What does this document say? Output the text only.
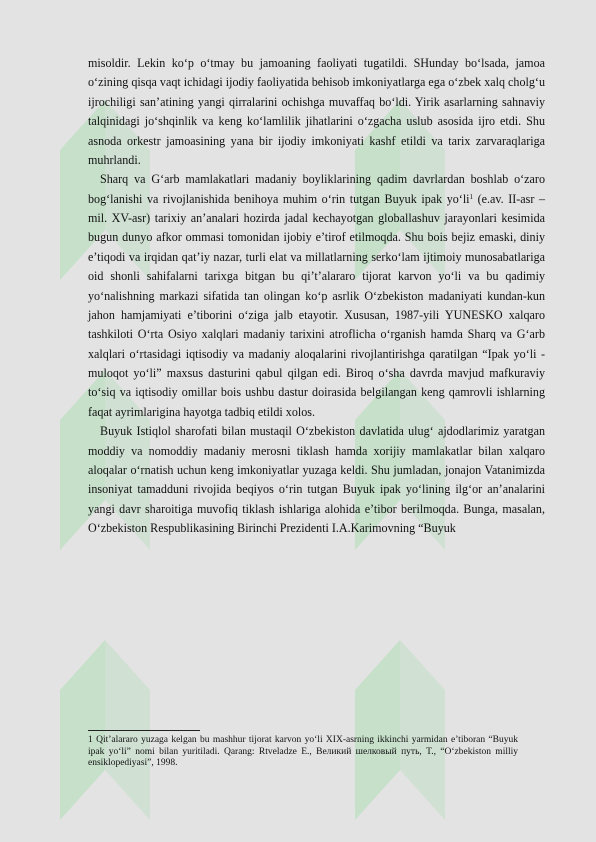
misoldir. Lekin ko‘p o‘tmay bu jamoaning faoliyati tugatildi. SHunday bo‘lsada, jamoa o‘zining qisqa vaqt ichidagi ijodiy faoliyatida behisob imkoniyatlarga ega o‘zbek xalq cholg‘u ijrochiligi san’atining yangi qirralarini ochishga muvaffaq bo‘ldi. Yirik asarlarning sahnaviy talqinidagi jo‘shqinlik va keng ko‘lamlilik jihatlarini o‘zgacha uslub asosida ijro etdi. Shu asnoda orkestr jamoasining yana bir ijodiy imkoniyati kashf etildi va tarix zarvaraqlariga muhrlandi.

Sharq va G‘arb mamlakatlari madaniy boyliklarining qadim davrlardan boshlab o‘zaro bog‘lanishi va rivojlanishida benihoya muhim o‘rin tutgan Buyuk ipak $yo‘li^1$ (e.av. II-asr – mil. XV-asr) tarixiy an’analari hozirda jadal kechayotgan globallashuv jarayonlari kesimida bugun dunyo afkor ommasi tomonidan ijobiy e’tirof etilmoqda. Shu bois bejiz emaski, diniy e’tiqodi va irqidan qat’iy nazar, turli elat va millatlarning serko‘lam ijtimoiy munosabatlariga oid shonli sahifalarni tarixga bitgan bu qi’t’alararo tijorat karvon yo‘li va bu qadimiy yo‘nalishning markazi sifatida tan olingan ko‘p asrlik O‘zbekiston madaniyati kundan-kun jahon hamjamiyati e’tiborini o‘ziga jalb etayotir. Xususan, 1987-yili YUNESKO xalqaro tashkiloti O‘rta Osiyo xalqlari madaniy tarixini atroflicha o‘rganish hamda Sharq va G‘arb xalqlari o‘rtasidagi iqtisodiy va madaniy aloqalarini rivojlantirishga qaratilgan “Ipak yo‘li - muloqot yo‘li” maxsus dasturini qabul qilgan edi. Biroq o‘sha davrda mavjud mafkuraviy to‘siq va iqtisodiy omillar bois ushbu dastur doirasida belgilangan keng qamrovli ishlarning faqat ayrimlarigina hayotga tadbiq etildi xolos.

Buyuk Istiqlol sharofati bilan mustaqil O‘zbekiston davlatida ulug‘ ajdodlarimiz yaratgan moddiy va nomoddiy madaniy merosni tiklash hamda xorijiy mamlakatlar bilan xalqaro aloqalar o‘rnatish uchun keng imkoniyatlar yuzaga keldi. Shu jumladan, jonajon Vatanimizda insoniyat tamadduni rivojida beqiyos o‘rin tutgan Buyuk ipak yo‘lining ilg‘or an’analarini yangi davr sharoitiga muvofiq tiklash ishlariga alohida e’tibor berilmoqda. Bunga, masalan, O‘zbekiston Respublikasining Birinchi Prezidenti I.A.Karimovning “Buyuk

1 Qit’alararo yuzaga kelgan bu mashhur tijorat karvon yo‘li XIX-asrning ikkinchi yarmidan e’tiboran “Buyuk ipak yo‘li” nomi bilan yuritiladi. Qarang: Rtveladze E., Великий шелковый путь, T., “O‘zbekiston milliy ensiklopediyasi”, 1998.
